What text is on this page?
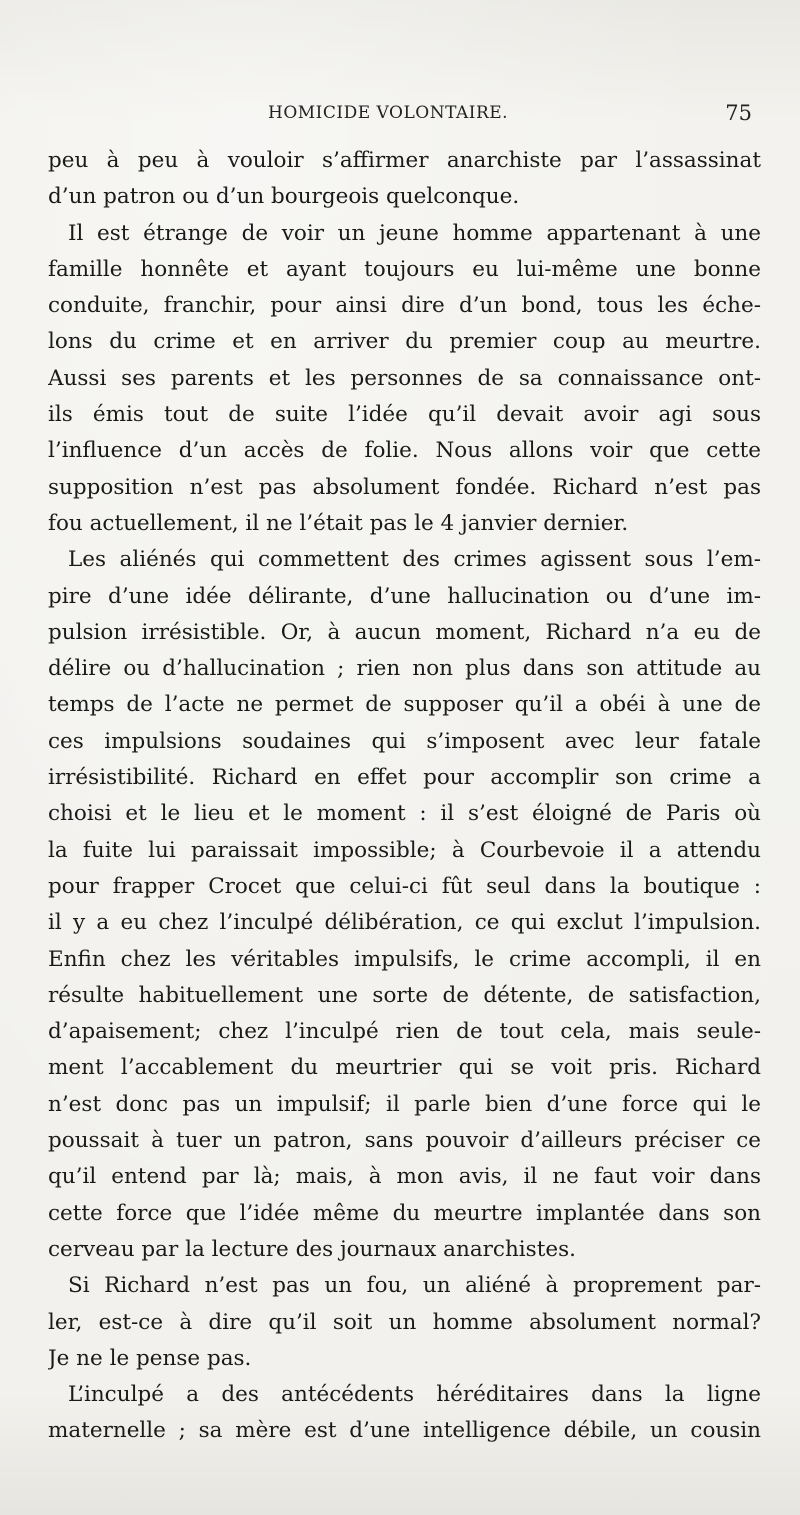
HOMICIDE VOLONTAIRE.	75
peu à peu à vouloir s’affirmer anarchiste par l’assassinat
d’un patron ou d’un bourgeois quelconque.
Il est étrange de voir un jeune homme appartenant à une
famille honnête et ayant toujours eu lui-même une bonne
conduite, franchir, pour ainsi dire d’un bond, tous les éche-
lons du crime et en arriver du premier coup au meurtre.
Aussi ses parents et les personnes de sa connaissance ont-
ils émis tout de suite l’idée qu’il devait avoir agi sous
l’influence d’un accès de folie. Nous allons voir que cette
supposition n’est pas absolument fondée. Richard n’est pas
fou actuellement, il ne l’était pas le 4 janvier dernier.
Les aliénés qui commettent des crimes agissent sous l’em-
pire d’une idée délirante, d’une hallucination ou d’une im-
pulsion irrésistible. Or, à aucun moment, Richard n’a eu de
délire ou d’hallucination ; rien non plus dans son attitude au
temps de l’acte ne permet de supposer qu’il a obéi à une de
ces impulsions soudaines qui s’imposent avec leur fatale
irrésistibilité. Richard en effet pour accomplir son crime a
choisi et le lieu et le moment : il s’est éloigné de Paris où
la fuite lui paraissait impossible; à Courbevoie il a attendu
pour frapper Crocet que celui-ci fût seul dans la boutique :
il y a eu chez l’inculpé délibération, ce qui exclut l’impulsion.
Enfin chez les véritables impulsifs, le crime accompli, il en
résulte habituellement une sorte de détente, de satisfaction,
d’apaisement; chez l’inculpé rien de tout cela, mais seule-
ment l’accablement du meurtrier qui se voit pris. Richard
n’est donc pas un impulsif; il parle bien d’une force qui le
poussait à tuer un patron, sans pouvoir d’ailleurs préciser ce
qu’il entend par là; mais, à mon avis, il ne faut voir dans
cette force que l’idée même du meurtre implantée dans son
cerveau par la lecture des journaux anarchistes.
Si Richard n’est pas un fou, un aliéné à proprement par-
ler, est-ce à dire qu’il soit un homme absolument normal?
Je ne le pense pas.
L’inculpé a des antécédents héréditaires dans la ligne
maternelle ; sa mère est d’une intelligence débile, un cousin
